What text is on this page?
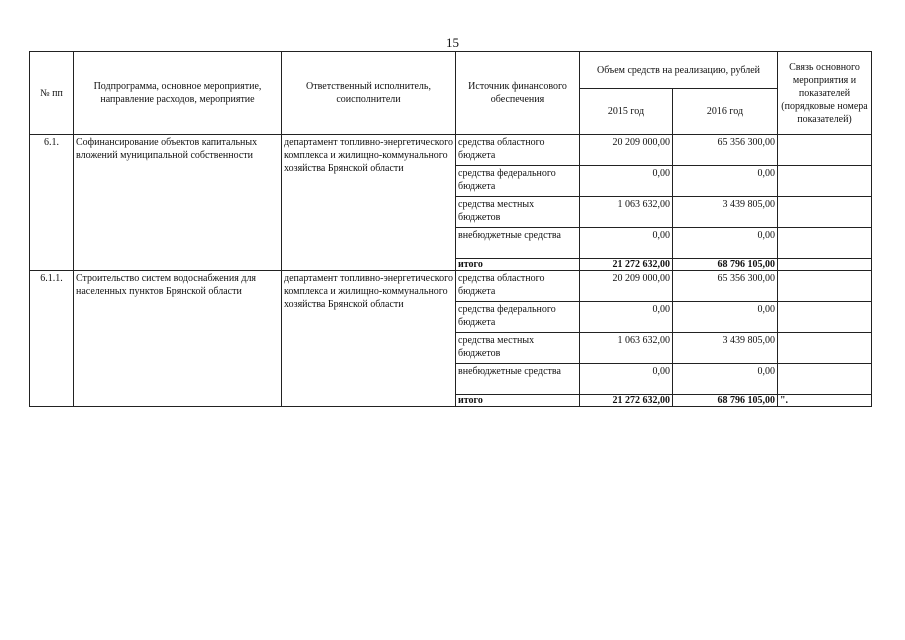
15
№ пп	Подпрограмма, основное мероприятие, направление расходов, мероприятие	Ответственный исполнитель, соисполнители	Источник финансового обеспечения	Объем средств на реализацию, рублей		Связь основного мероприятия и показателей (порядковые номера показателей)
				2015 год	2016 год	
6.1.	Софинансирование объектов капитальных вложений муниципальной собственности	департамент топливно-энергетического комплекса и жилищно-коммунального хозяйства Брянской области	средства областного бюджета	20 209 000,00	65 356 300,00	
			средства федерального бюджета	0,00	0,00	
			средства местных бюджетов	1 063 632,00	3 439 805,00	
			внебюджетные средства	0,00	0,00	
			итого	21 272 632,00	68 796 105,00	
6.1.1.	Строительство систем водоснабжения для населенных пунктов Брянской области	департамент топливно-энергетического комплекса и жилищно-коммунального хозяйства Брянской области	средства областного бюджета	20 209 000,00	65 356 300,00	
			средства федерального бюджета	0,00	0,00	
			средства местных бюджетов	1 063 632,00	3 439 805,00	
			внебюджетные средства	0,00	0,00	
			итого	21 272 632,00	68 796 105,00	".
